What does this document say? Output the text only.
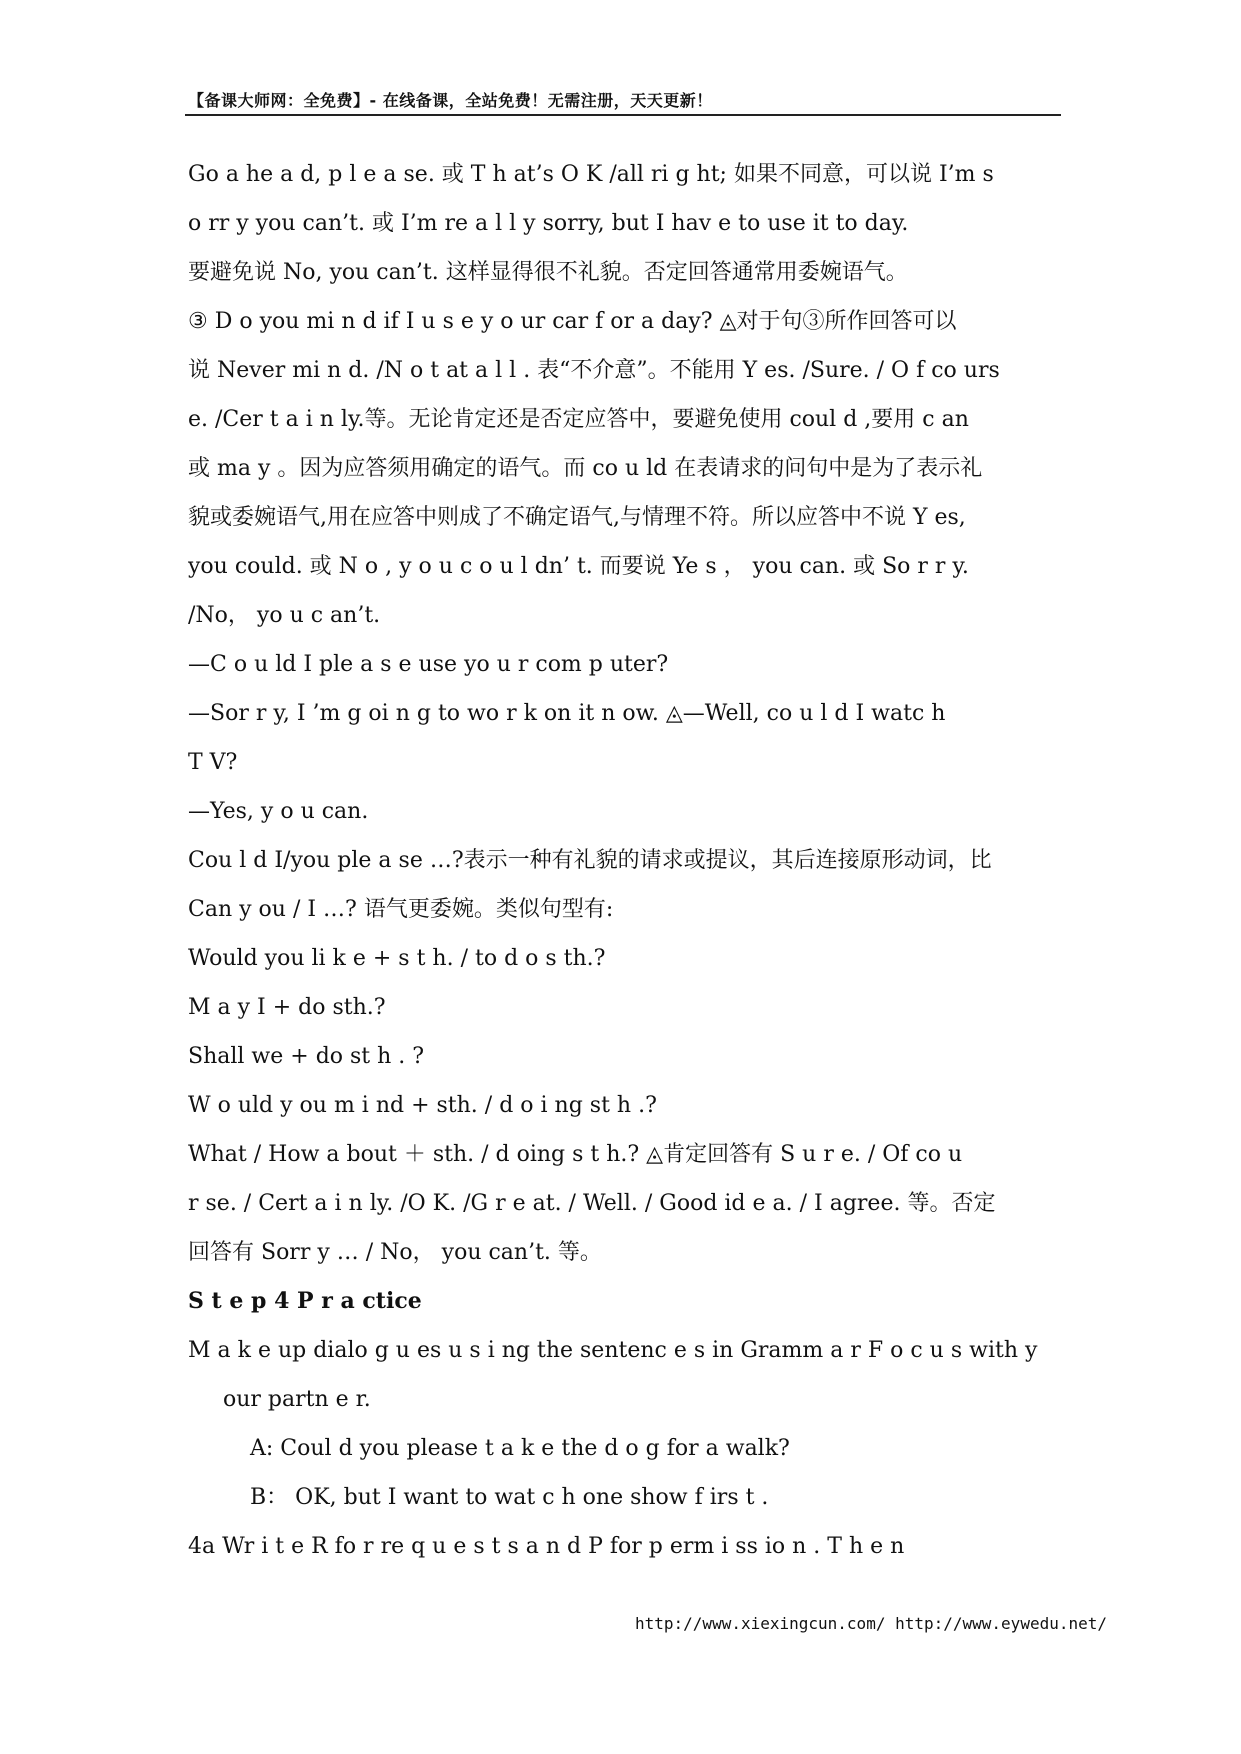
【备课大师网：全免费】- 在线备课，全站免费！无需注册，天天更新！
Go a he a d, p l e a se. 或 T h at’s O K /all ri g ht; 如果不同意，可以说 I’m s
o rr y you can’t. 或 I’m re a l l y sorry, but I hav e to use it to day.
要避免说 No, you can’t. 这样显得很不礼貌。否定回答通常用委婉语气。
③ D o you mi n d if I u s e y o ur car f or a day? ◬对于句③所作回答可以
说 Never mi n d. /N o t at a l l . 表“不介意”。不能用 Y es. /Sure. / O f co urs
e. /Cer t a i n ly.等。无论肯定还是否定应答中，要避免使用 coul d ,要用 c an
或 ma y 。因为应答须用确定的语气。而 co u ld 在表请求的问句中是为了表示礼
貌或委婉语气,用在应答中则成了不确定语气,与情理不符。所以应答中不说 Y es,
you could. 或 N o , y o u c o u l dn’ t. 而要说 Ye s ， you can. 或 So r r y.
/No， yo u c an’t.
—C o u ld I ple a s e use yo u r com p uter?
—Sor r y, I ’m g oi n g to wo r k on it n ow. ◬—Well, co u l d I watc h
T V?
—Yes, y o u can.
Cou l d I/you ple a se …?表示一种有礼貌的请求或提议，其后连接原形动词，比
Can y ou / I …? 语气更委婉。类似句型有:
Would you li k e + s t h. / to d o s th.?
M a y I + do sth.?
Shall we + do st h . ?
W o uld y ou m i nd + sth. / d o i ng st h .?
What / How a bout ＋ sth. / d oing s t h.? ◬肯定回答有 S u r e. / Of co u
r se. / Cert a i n ly. /O K. /G r e at. / Well. / Good id e a. / I agree. 等。否定
回答有 Sorr y … / No， you can’t. 等。
S t e p 4 P r a ctice
M a k e up dialo g u es u s i ng the sentenc e s in Gramm a r F o c u s with y
our partn e r.
A: Coul d you please t a k e the d o g for a walk?
B： OK, but I want to wat c h one show f irs t .
4a Wr i t e R fo r re q u e s t s a n d P for p erm i ss io n . T h e n
http://www.xiexingcun.com/ http://www.eywedu.net/
